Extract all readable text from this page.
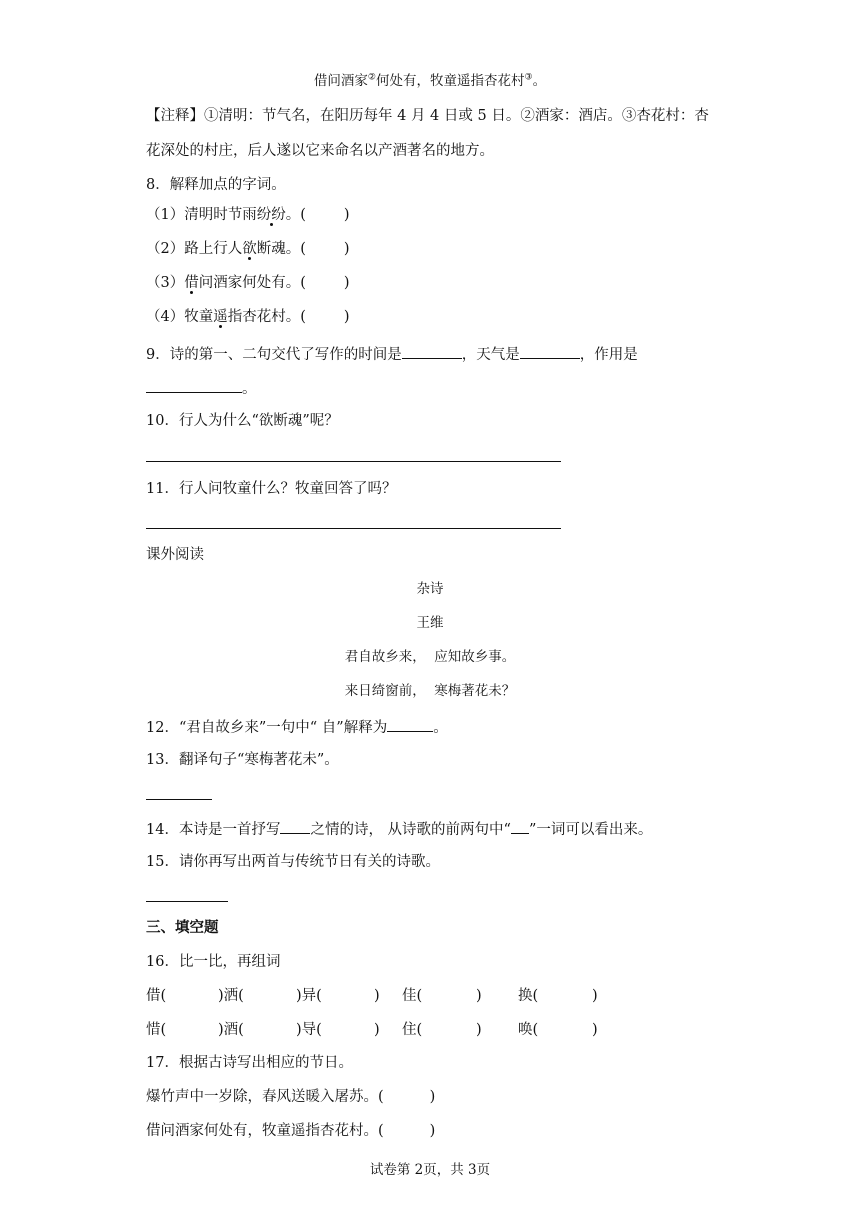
借问酒家②何处有，牧童遥指杏花村③。
【注释】①清明：节气名，在阳历每年 4 月 4 日或 5 日。②酒家：酒店。③杏花村：杏
花深处的村庄，后人遂以它来命名以产酒著名的地方。
8．解释加点的字词。
（1）清明时节雨纷纷。(	)
（2）路上行人欲断魂。(	)
（3）借问酒家何处有。(	)
（4）牧童遥指杏花村。(	)
9．诗的第一、二句交代了写作的时间是	，天气是	，作用是
。
10．行人为什么“欲断魂”呢？
11．行人问牧童什么？牧童回答了吗？
课外阅读
杂诗
王维
君自故乡来，  应知故乡事。
来日绮窗前，  寒梅著花未？
12．“君自故乡来”一句中“ 自”解释为	。
13．翻译句子“寒梅著花未”。
14．本诗是一首抒写 之情的诗， 从诗歌的前两句中“ ”一词可以看出来。
15．请你再写出两首与传统节日有关的诗歌。
三、填空题
16．比一比，再组词
借(	)洒(	)异(	) 佳(	)	换(	)
惜(	)酒(	)导(	) 住(	)	唤(	)
17．根据古诗写出相应的节日。
爆竹声中一岁除，春风送暖入屠苏。(	)
借问酒家何处有，牧童遥指杏花村。(	)
试卷第 2页，共 3页
